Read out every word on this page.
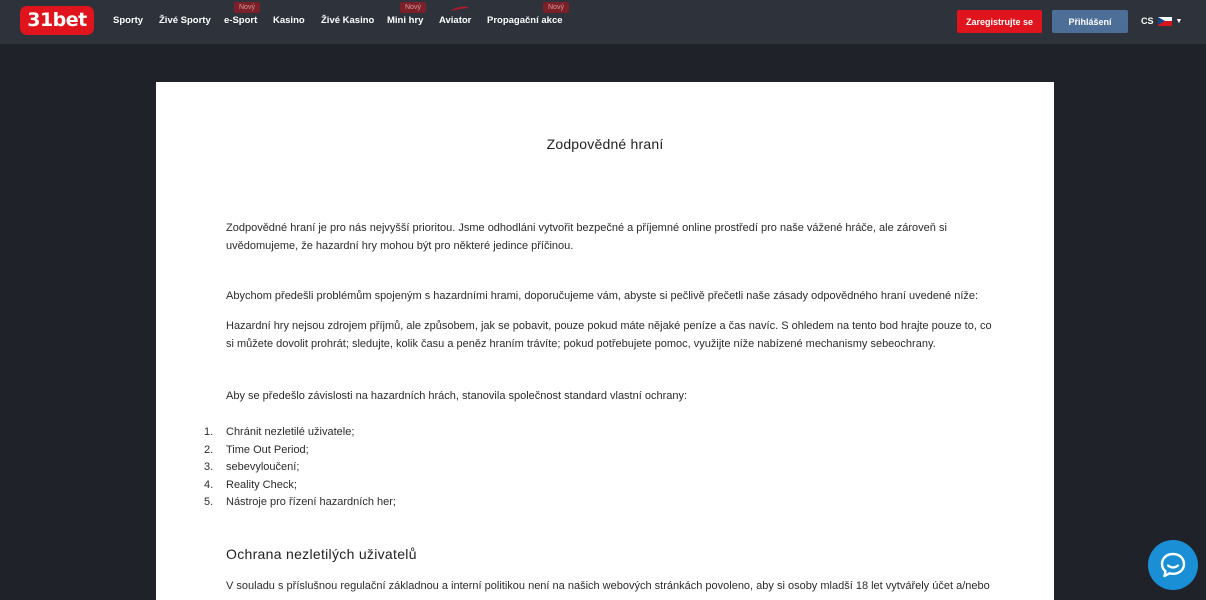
31bet
Nový	Nový	Nový
Sporty Živé Sporty e-Sport Kasino Živé Kasino Mini hry Aviator Propagační akce	Zaregistrujte se	Přihlášení	CS	▼
Zodpovědné hraní

Zodpovědné hraní je pro nás nejvyšší prioritou. Jsme odhodláni vytvořit bezpečné a příjemné online prostředí pro naše vážené hráče, ale zároveň si uvědomujeme, že hazardní hry mohou být pro některé jedince příčinou.

Abychom předešli problémům spojeným s hazardními hrami, doporučujeme vám, abyste si pečlivě přečetli naše zásady odpovědného hraní uvedené níže:

Hazardní hry nejsou zdrojem příjmů, ale způsobem, jak se pobavit, pouze pokud máte nějaké peníze a čas navíc. S ohledem na tento bod hrajte pouze to, co si můžete dovolit prohrát; sledujte, kolik času a peněz hraním trávíte; pokud potřebujete pomoc, využijte níže nabízené mechanismy sebeochrany.

Aby se předešlo závislosti na hazardních hrách, stanovila společnost standard vlastní ochrany:

1.	Chránit nezletilé uživatele;
2.	Time Out Period;
3.	sebevyloučení;
4.	Reality Check;
5.	Nástroje pro řízení hazardních her;
Ochrana nezletilých uživatelů

V souladu s příslušnou regulační základnou a interní politikou není na našich webových stránkách povoleno, aby si osoby mladší 18 let vytvářely účet a/nebo
